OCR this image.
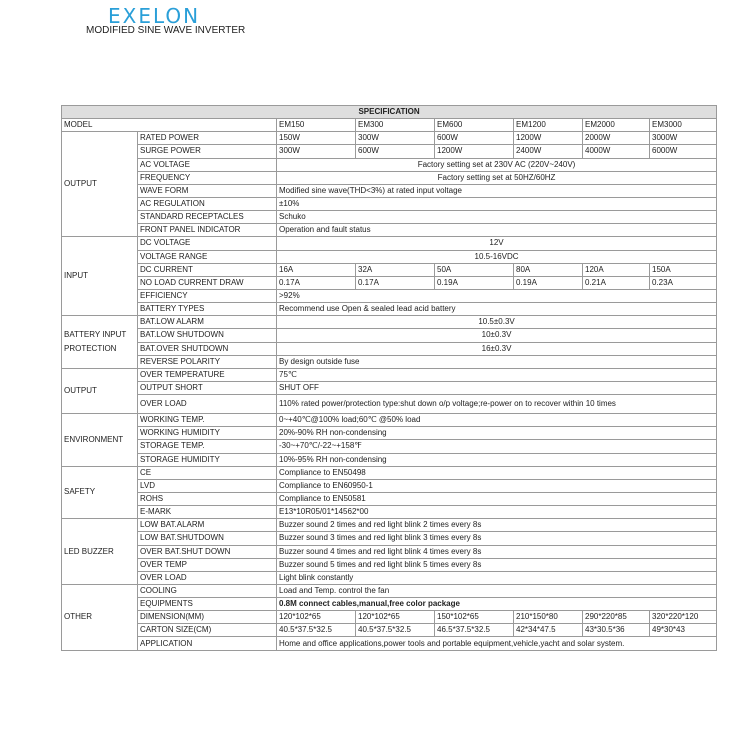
EXELON
MODIFIED SINE WAVE INVERTER
SPECIFICATION							
MODEL		EM150	EM300	EM600	EM1200	EM2000	EM3000
OUTPUT	RATED POWER	150W	300W	600W	1200W	2000W	3000W
	SURGE POWER	300W	600W	1200W	2400W	4000W	6000W
	AC VOLTAGE	Factory setting set at 230V AC (220V~240V)					
	FREQUENCY	Factory setting set at 50HZ/60HZ					
	WAVE FORM	Modified sine wave(THD<3%) at rated input voltage					
	AC REGULATION	±10%					
	STANDARD RECEPTACLES	Schuko					
	FRONT PANEL INDICATOR	Operation and fault status					
INPUT	DC VOLTAGE	12V					
	VOLTAGE RANGE	10.5-16VDC					
	DC CURRENT	16A	32A	50A	80A	120A	150A
	NO LOAD CURRENT DRAW	0.17A	0.17A	0.19A	0.19A	0.21A	0.23A
	EFFICIENCY	>92%					
	BATTERY TYPES	Recommend use Open & sealed lead acid battery					
BATTERY INPUT PROTECTION	BAT.LOW ALARM	10.5±0.3V					
	BAT.LOW SHUTDOWN	10±0.3V					
	BAT.OVER SHUTDOWN	16±0.3V					
	REVERSE POLARITY	By design outside fuse					
OUTPUT	OVER TEMPERATURE	75℃					
	OUTPUT SHORT	SHUT OFF					
	OVER LOAD	110% rated power/protection type:shut down o/p voltage;re-power on to recover within 10 times					
ENVIRONMENT	WORKING TEMP.	0~+40℃@100% load;60℃ @50% load					
	WORKING HUMIDITY	20%-90% RH non-condensing					
	STORAGE TEMP.	-30~+70℃/-22~+158℉					
	STORAGE HUMIDITY	10%-95% RH non-condensing					
SAFETY	CE	Compliance to EN50498					
	LVD	Compliance to EN60950-1					
	ROHS	Compliance to EN50581					
	E-MARK	E13*10R05/01*14562*00					
LED BUZZER	LOW BAT.ALARM	Buzzer sound 2 times and red light blink 2 times every 8s					
	LOW BAT.SHUTDOWN	Buzzer sound 3 times and red light blink 3 times every 8s					
	OVER BAT.SHUT DOWN	Buzzer sound 4 times and red light blink 4 times every 8s					
	OVER TEMP	Buzzer sound 5 times and red light blink 5 times every 8s					
	OVER LOAD	Light blink constantly					
OTHER	COOLING	Load and Temp. control the fan					
	EQUIPMENTS	0.8M connect cables,manual,free color package					
	DIMENSION(MM)	120*102*65	120*102*65	150*102*65	210*150*80	290*220*85	320*220*120
	CARTON SIZE(CM)	40.5*37.5*32.5	40.5*37.5*32.5	46.5*37.5*32.5	42*34*47.5	43*30.5*36	49*30*43
	APPLICATION	Home and office applications,power tools and portable equipment,vehicle,yacht and solar system.					
